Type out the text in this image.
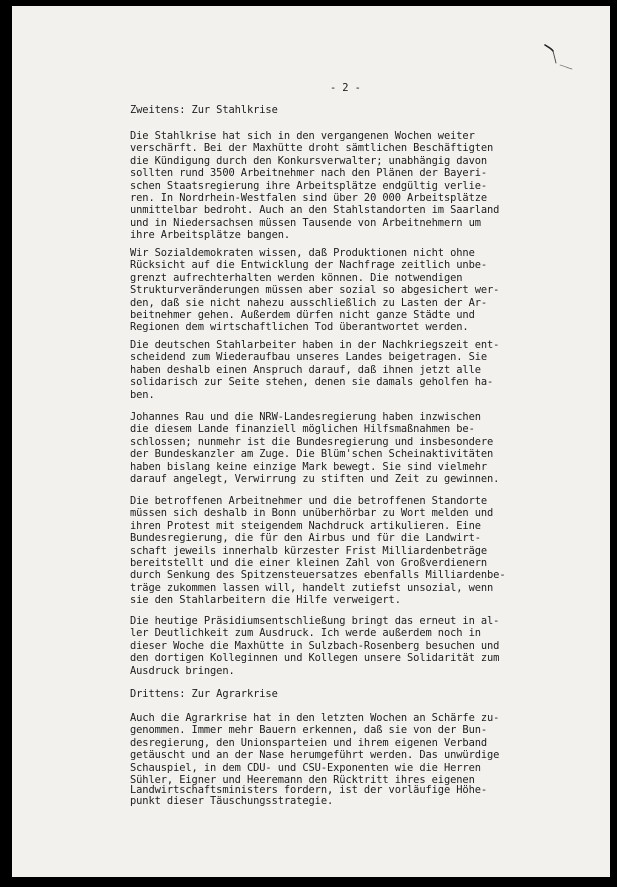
- 2 -
Zweitens: Zur Stahlkrise
Die Stahlkrise hat sich in den vergangenen Wochen weiter
verschärft. Bei der Maxhütte droht sämtlichen Beschäftigten
die Kündigung durch den Konkursverwalter; unabhängig davon
sollten rund 3500 Arbeitnehmer nach den Plänen der Bayeri-
schen Staatsregierung ihre Arbeitsplätze endgültig verlie-
ren. In Nordrhein-Westfalen sind über 20 000 Arbeitsplätze
unmittelbar bedroht. Auch an den Stahlstandorten im Saarland
und in Niedersachsen müssen Tausende von Arbeitnehmern um
ihre Arbeitsplätze bangen.
Wir Sozialdemokraten wissen, daß Produktionen nicht ohne
Rücksicht auf die Entwicklung der Nachfrage zeitlich unbe-
grenzt aufrechterhalten werden können. Die notwendigen
Strukturveränderungen müssen aber sozial so abgesichert wer-
den, daß sie nicht nahezu ausschließlich zu Lasten der Ar-
beitnehmer gehen. Außerdem dürfen nicht ganze Städte und
Regionen dem wirtschaftlichen Tod überantwortet werden.
Die deutschen Stahlarbeiter haben in der Nachkriegszeit ent-
scheidend zum Wiederaufbau unseres Landes beigetragen. Sie
haben deshalb einen Anspruch darauf, daß ihnen jetzt alle
solidarisch zur Seite stehen, denen sie damals geholfen ha-
ben.
Johannes Rau und die NRW-Landesregierung haben inzwischen
die diesem Lande finanziell möglichen Hilfsmaßnahmen be-
schlossen; nunmehr ist die Bundesregierung und insbesondere
der Bundeskanzler am Zuge. Die Blüm'schen Scheinaktivitäten
haben bislang keine einzige Mark bewegt. Sie sind vielmehr
darauf angelegt, Verwirrung zu stiften und Zeit zu gewinnen.
Die betroffenen Arbeitnehmer und die betroffenen Standorte
müssen sich deshalb in Bonn unüberhörbar zu Wort melden und
ihren Protest mit steigendem Nachdruck artikulieren. Eine
Bundesregierung, die für den Airbus und für die Landwirt-
schaft jeweils innerhalb kürzester Frist Milliardenbeträge
bereitstellt und die einer kleinen Zahl von Großverdienern
durch Senkung des Spitzensteuersatzes ebenfalls Milliardenbe-
träge zukommen lassen will, handelt zutiefst unsozial, wenn
sie den Stahlarbeitern die Hilfe verweigert.
Die heutige Präsidiumsentschließung bringt das erneut in al-
ler Deutlichkeit zum Ausdruck. Ich werde außerdem noch in
dieser Woche die Maxhütte in Sulzbach-Rosenberg besuchen und
den dortigen Kolleginnen und Kollegen unsere Solidarität zum
Ausdruck bringen.
Drittens: Zur Agrarkrise
Auch die Agrarkrise hat in den letzten Wochen an Schärfe zu-
genommen. Immer mehr Bauern erkennen, daß sie von der Bun-
desregierung, den Unionsparteien und ihrem eigenen Verband
getäuscht und an der Nase herumgeführt werden. Das unwürdige
Schauspiel, in dem CDU- und CSU-Exponenten wie die Herren
Sühler, Eigner und Heeremann den Rücktritt ihres eigenen
Landwirtschaftsministers fordern, ist der vorläufige Höhe-
punkt dieser Täuschungsstrategie.
